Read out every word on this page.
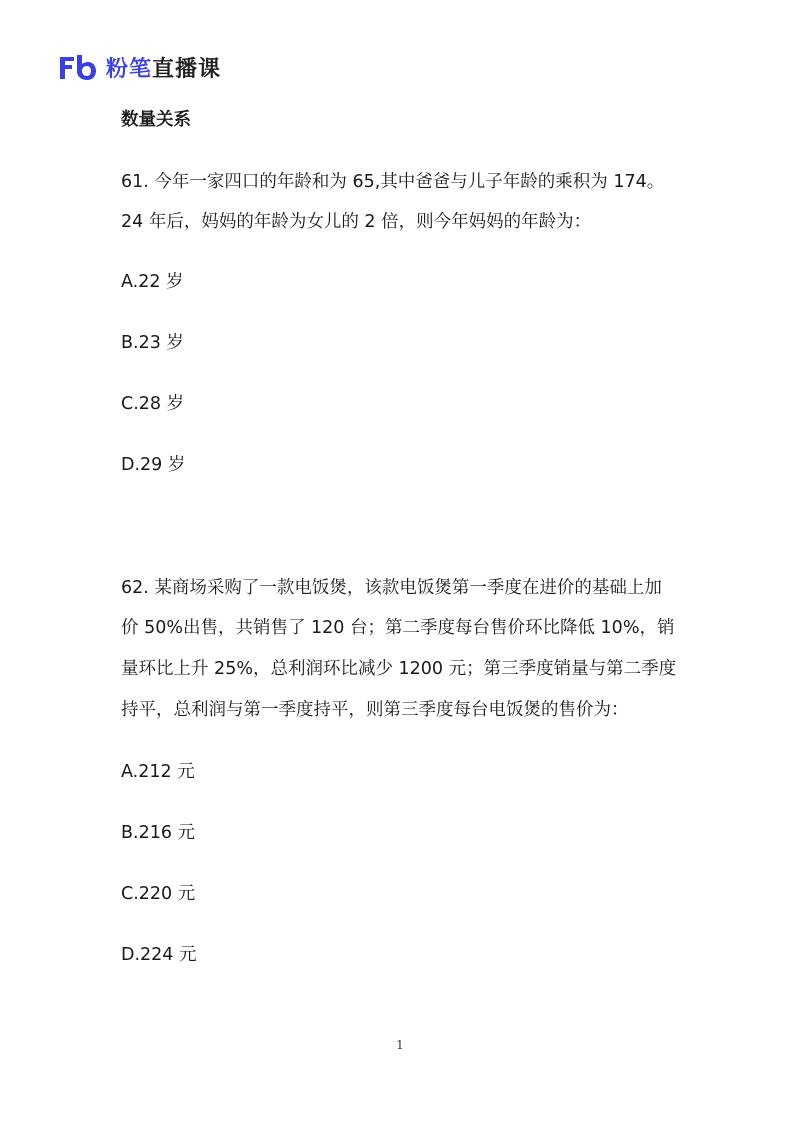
粉笔直播课
数量关系
61. 今年一家四口的年龄和为 65,其中爸爸与儿子年龄的乘积为 174。
24 年后，妈妈的年龄为女儿的 2 倍，则今年妈妈的年龄为：
A.22 岁
B.23 岁
C.28 岁
D.29 岁
62. 某商场采购了一款电饭煲，该款电饭煲第一季度在进价的基础上加
价 50%出售，共销售了 120 台；第二季度每台售价环比降低 10%，销
量环比上升 25%，总利润环比减少 1200 元；第三季度销量与第二季度
持平，总利润与第一季度持平，则第三季度每台电饭煲的售价为：
A.212 元
B.216 元
C.220 元
D.224 元
1
